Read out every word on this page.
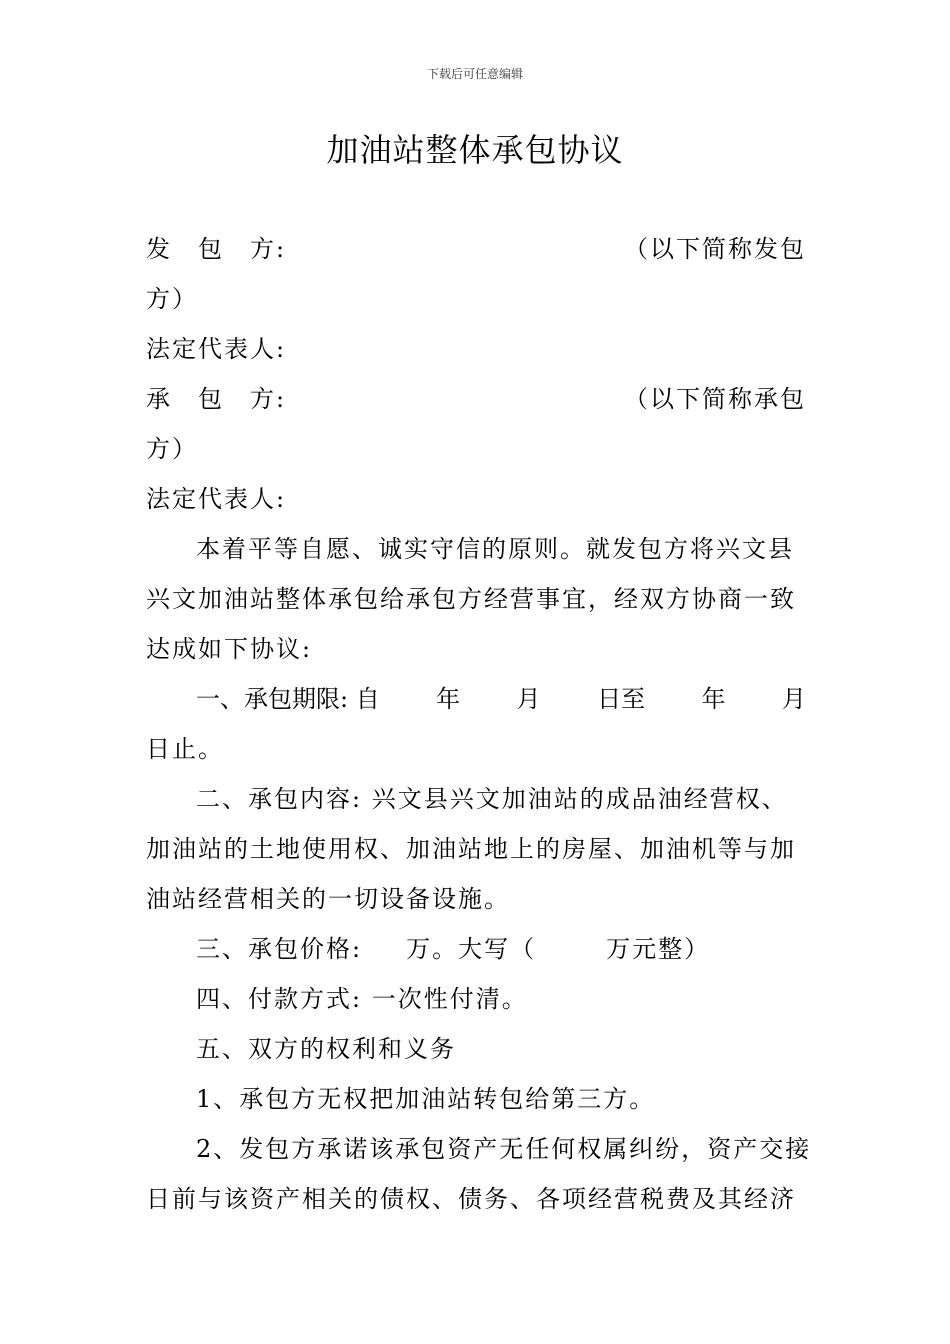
下载后可任意编辑
加油站整体承包协议
发　包　方:	（以下简称发包
方）
法定代表人:
承　包　方:	（以下简称承包
方）
法定代表人:
本着平等自愿、诚实守信的原则。就发包方将兴文县
兴文加油站整体承包给承包方经营事宜，经双方协商一致
达成如下协议:
一、承包期限: 自 年 月 日至 年 月
日止。
二、承包内容: 兴文县兴文加油站的成品油经营权、
加油站的土地使用权、加油站地上的房屋、加油机等与加
油站经营相关的一切设备设施。
三、承包价格: 万。大写（	万元整）
四、付款方式: 一次性付清。
五、双方的权利和义务
1、承包方无权把加油站转包给第三方。
2、发包方承诺该承包资产无任何权属纠纷，资产交接
日前与该资产相关的债权、债务、各项经营税费及其经济
